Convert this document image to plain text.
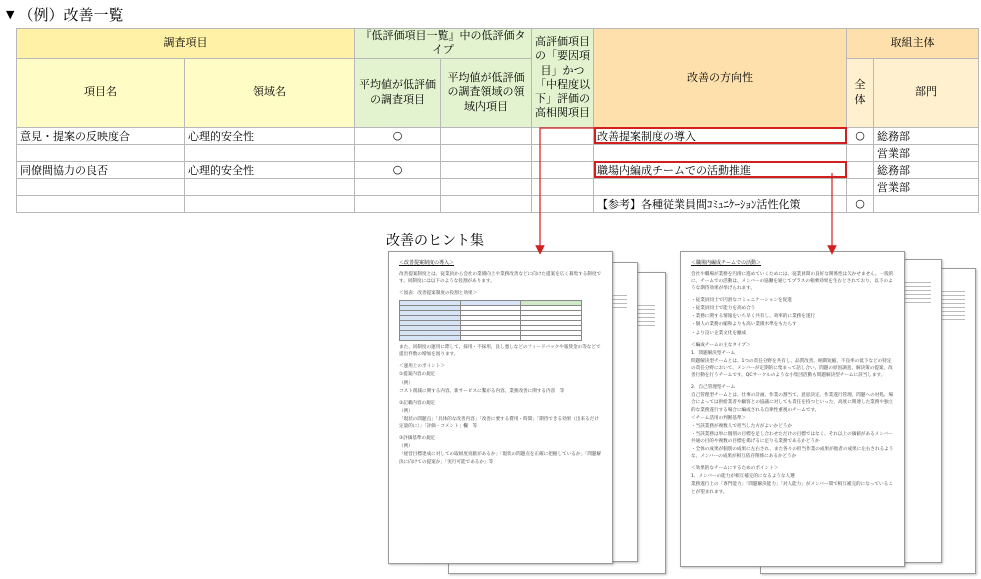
▼ （例）改善一覧
調査項目		『低評価項目一覧』中の低評価タイプ		高評価項目の「要因項目」かつ「中程度以下」評価の高相関項目	改善の方向性	取組主体	
項目名	領域名	平均値が低評価の調査項目	平均値が低評価の調査領域の領域内項目			全体	部門
意見・提案の反映度合	心理的安全性	○			改善提案制度の導入	○	総務部
							営業部
同僚間協力の良否	心理的安全性	○			職場内編成チームでの活動推進		総務部
							営業部
					【参考】各種従業員間ｺﾐｭﾆｹｰｼｮﾝ活性化策	○	
改善のヒント集
＜改善提案制度の導入＞

改善提案制度とは、従業員から会社の業績向上や業務改善などに向けた提案を広く募集する制度です。同制度には以下のような役割があります。

＜図表：改善提案制度の役割と効果＞

また、同制度の運用に際して、採用・不採用、良し悪しなどのフィードバックや報奨金の等などで提出件数の増加を図ります。

＜運用上のポイント＞

①提案内容の規定

（例）

コスト削減に関する内容、新サービスに繋がる内容、業務改善に関する内容　等

②記載内容の規定

（例）

「現状の問題点」「具体的な改善内容」「改善に要する費用・時間」「期待できる効果（出来るだけ定量的に）」「評価・コメント」欄　等

③評価基準の規定

（例）

「経営目標達成に対しての取組度貢献があるか」「現状の問題点を正確に把握しているか」「問題解決に向けての提案か」「実行可能であるか」等

＜職場内編成チームでの活動＞

会社や職場が業務を円滑に進めていくためには、従業員間の良好な関係性は欠かせません。一般的に、チームでの活動は、メンバーの協働を通じてプラスの相乗効果を生むとされており、以下のような期待効果が挙げられます。

・従業員同士で円滑なコミュニケーションを促進

・従業員同士で能力を高め合う

・業務に関する情報をいち早く共有し、効率的に業務を遂行

・個人の業務の縮和よりも高い業績水準をもたらす

・より良い企業文化を醸成

＜編成チームの主なタイプ＞

1．問題解決型チーム

問題解決型チームとは、1つの責任分野を共有し、品質改善、納期短縮、不良率の低下などの特定の責任分野において、メンバーが定期的に集まって話し合い、問題の原因調査、解決策の提案、改善行動を行うチームです。QCサークルのような小集団活動も問題解決型チームに該当します。

2．自己管理型チーム

自己管理型チームとは、仕事の計画、作業の割当て、意思決定、作業遂行管理、問題への対処、場合によっては供給業者や顧客との協議に対しても責任を持つといった、高度に関連した業務や独立的な業務遂行する場合に編成される自律性重視のチームです。

＜チーム活用の判断基準＞

・当該業務が複数人で担当した方がよいかどうか

・当該業務は単に個別の目標を足し合わせただけの目標ではなく、それ以上の価値があるメンバー共通の目的や複数の目標を掲げるに足りる業務であるかどうか

・全体の成果が個別の成果に左右され、また各々の担当作業の成果が他者の成果に左右されるような、メンバーの成果が相互依存関係にあるかどうか

＜効果的なチームにするためのポイント＞

1．メンバーの能力が相互補完的になるような人選

業務遂行上の「専門能力」「問題解決能力」「対人能力」がメンバー間で相互補完的になっていることが望まれます。
